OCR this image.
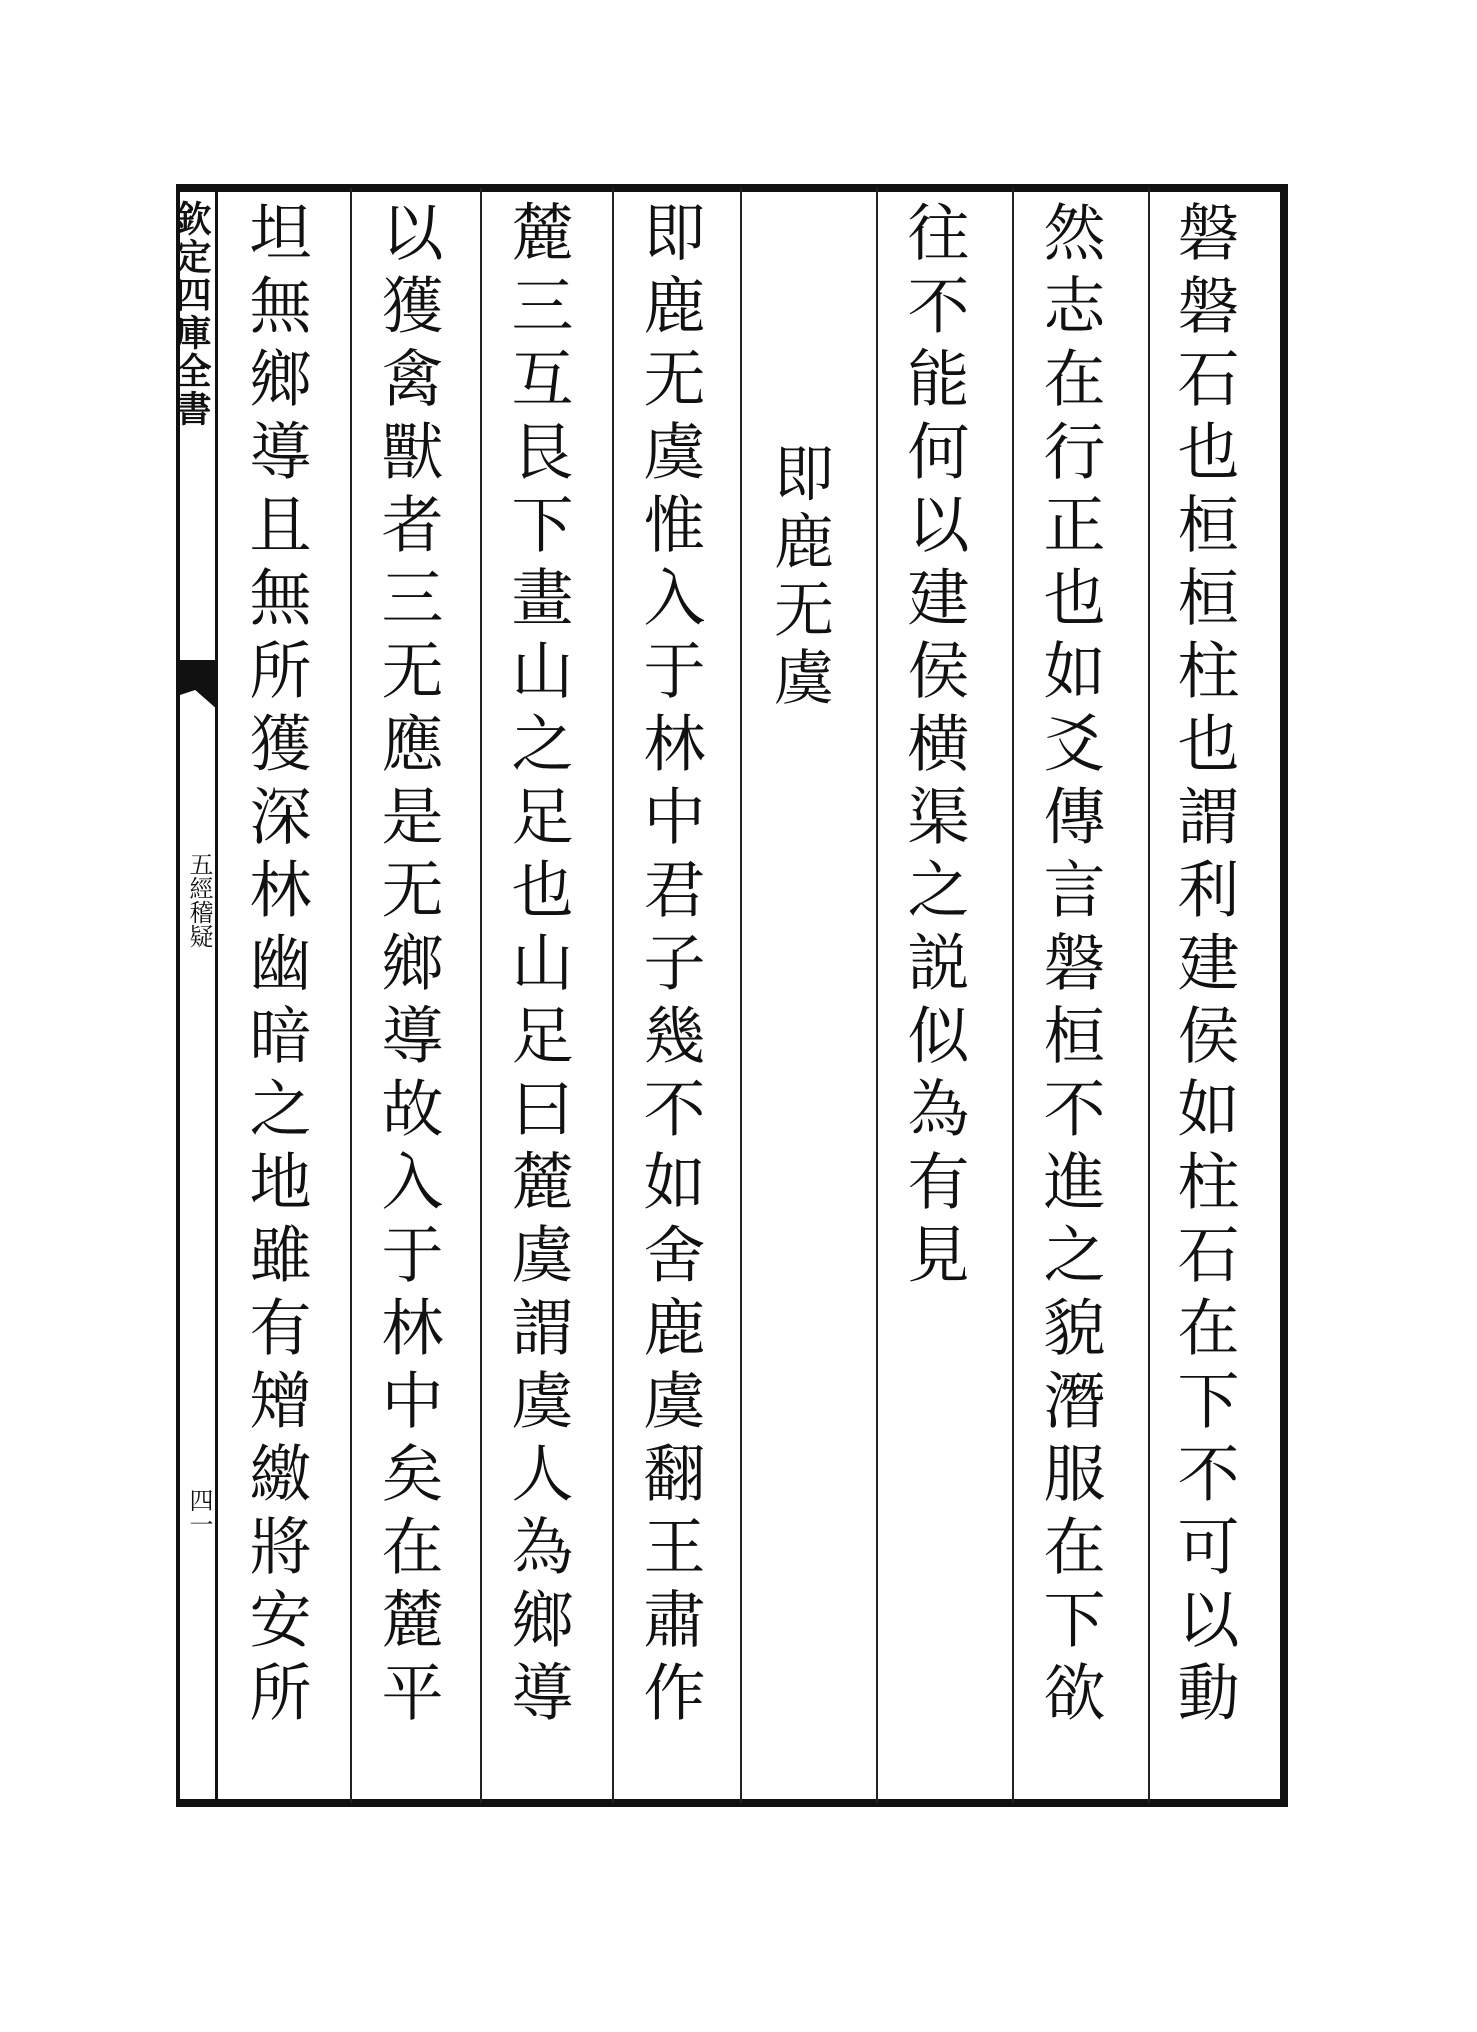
欽定四庫全書
五經稽疑
四一	磐磐石也桓桓柱也謂利建侯如柱石在下不可以動
然志在行正也如爻傳言磐桓不進之貌潛服在下欲
往不能何以建侯横渠之説似為有見
即鹿无虞
即鹿无虞惟入于林中君子幾不如舍鹿虞翻王肅作
麓三互艮下畫山之足也山足曰麓虞謂虞人為鄉導
以獲禽獸者三无應是无鄉導故入于林中矣在麓平
坦無鄉導且無所獲深林幽暗之地雖有矰繳將安所
